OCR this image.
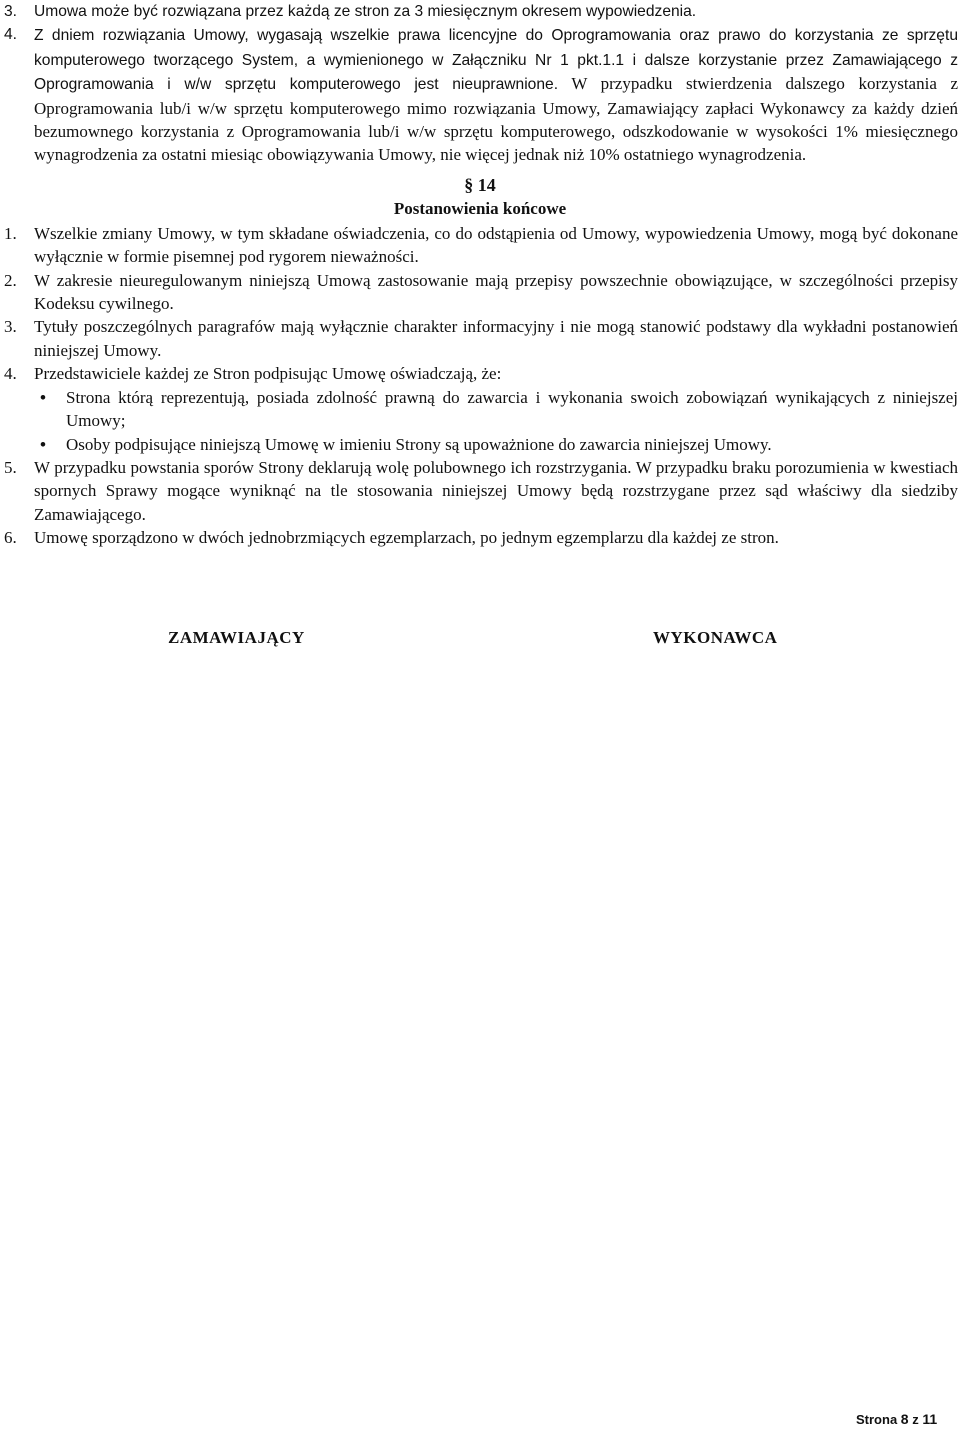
3. Umowa może być rozwiązana przez każdą ze stron za 3 miesięcznym okresem wypowiedzenia.
4. Z dniem rozwiązania Umowy, wygasają wszelkie prawa licencyjne do Oprogramowania oraz prawo do korzystania ze sprzętu komputerowego tworzącego System, a wymienionego w Załączniku Nr 1 pkt.1.1 i dalsze korzystanie przez Zamawiającego z Oprogramowania i w/w sprzętu komputerowego jest nieuprawnione. W przypadku stwierdzenia dalszego korzystania z Oprogramowania lub/i w/w sprzętu komputerowego mimo rozwiązania Umowy, Zamawiający zapłaci Wykonawcy za każdy dzień bezumownego korzystania z Oprogramowania lub/i w/w sprzętu komputerowego, odszkodowanie w wysokości 1% miesięcznego wynagrodzenia za ostatni miesiąc obowiązywania Umowy, nie więcej jednak niż 10% ostatniego wynagrodzenia.
§ 14
Postanowienia końcowe
1. Wszelkie zmiany Umowy, w tym składane oświadczenia, co do odstąpienia od Umowy, wypowiedzenia Umowy, mogą być dokonane wyłącznie w formie pisemnej pod rygorem nieważności.
2. W zakresie nieuregulowanym niniejszą Umową zastosowanie mają przepisy powszechnie obowiązujące, w szczególności przepisy Kodeksu cywilnego.
3. Tytuły poszczególnych paragrafów mają wyłącznie charakter informacyjny i nie mogą stanowić podstawy dla wykładni postanowień niniejszej Umowy.
4. Przedstawiciele każdej ze Stron podpisując Umowę oświadczają, że:
• Strona którą reprezentują, posiada zdolność prawną do zawarcia i wykonania swoich zobowiązań wynikających z niniejszej Umowy;
• Osoby podpisujące niniejszą Umowę w imieniu Strony są upoważnione do zawarcia niniejszej Umowy.
5. W przypadku powstania sporów Strony deklarują wolę polubownego ich rozstrzygania. W przypadku braku porozumienia w kwestiach spornych Sprawy mogące wyniknąć na tle stosowania niniejszej Umowy będą rozstrzygane przez sąd właściwy dla siedziby Zamawiającego.
6. Umowę sporządzono w dwóch jednobrzmiących egzemplarzach, po jednym egzemplarzu dla każdej ze stron.
ZAMAWIAJĄCY	WYKONAWCA
Strona 8 z 11
